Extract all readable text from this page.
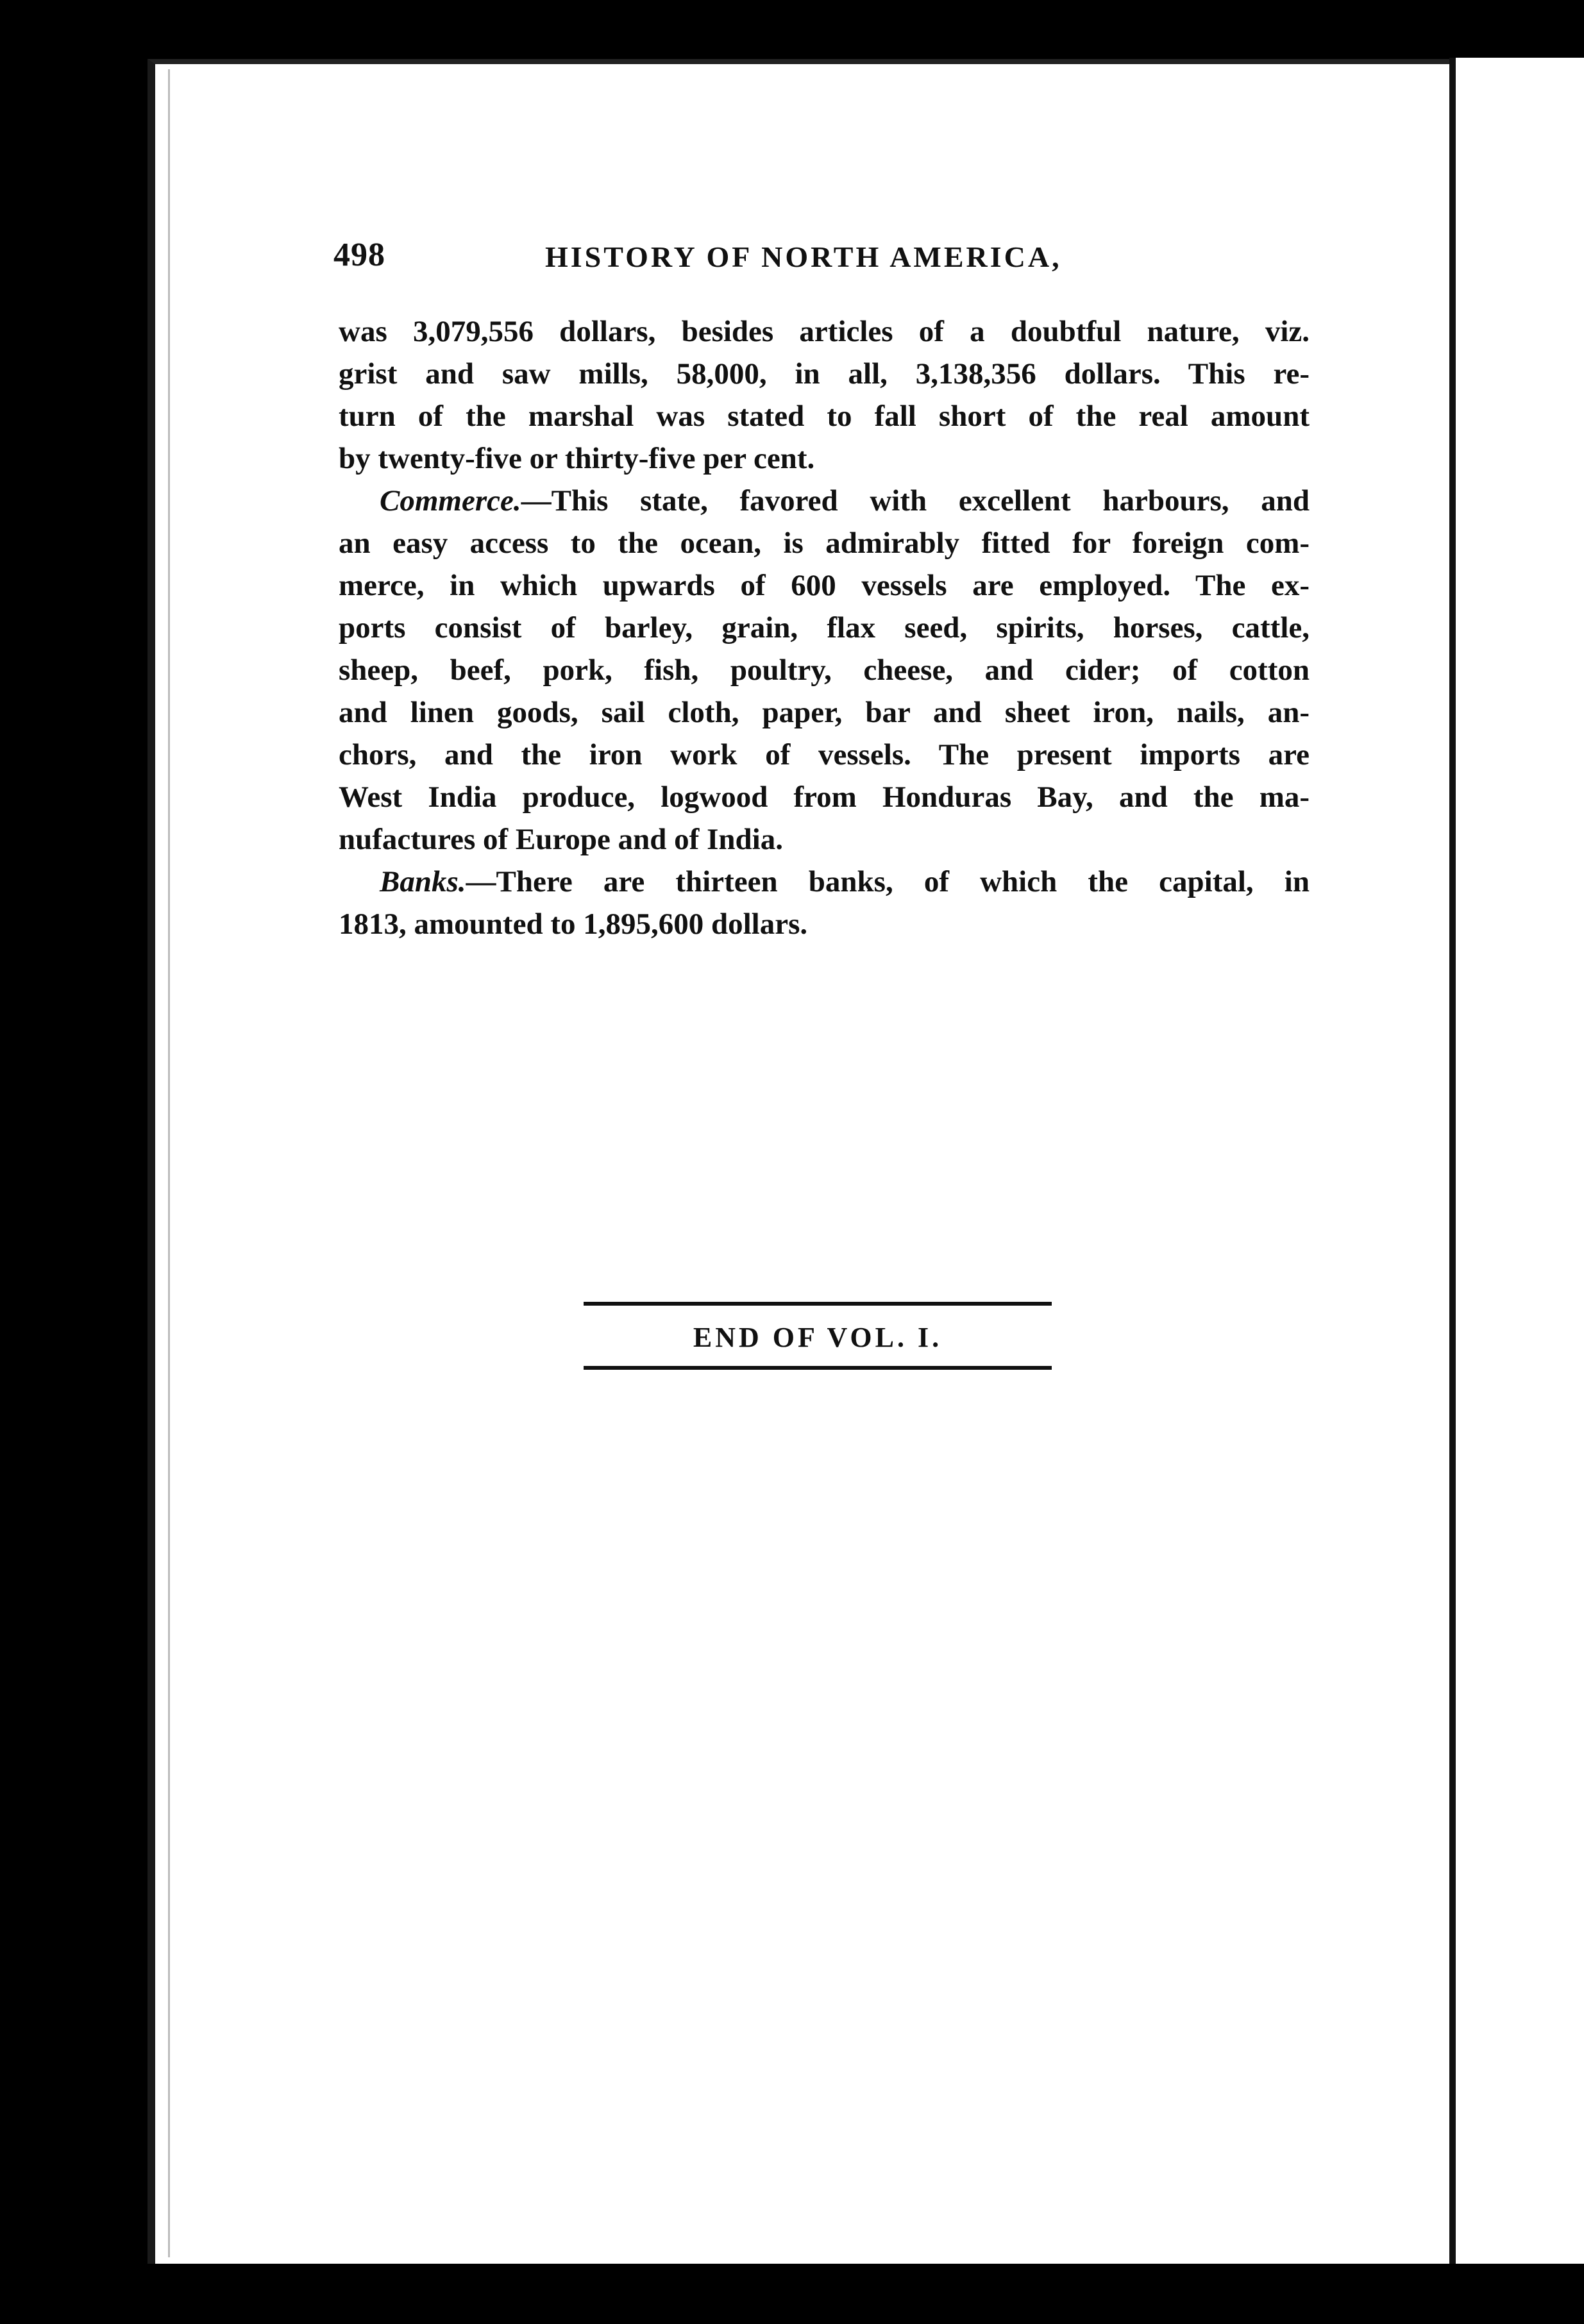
498	HISTORY OF NORTH AMERICA,

was 3,079,556 dollars, besides articles of a doubtful nature, viz.
grist and saw mills, 58,000, in all, 3,138,356 dollars. This re-
turn of the marshal was stated to fall short of the real amount
by twenty-five or thirty-five per cent.

Commerce.—This state, favored with excellent harbours, and
an easy access to the ocean, is admirably fitted for foreign com-
merce, in which upwards of 600 vessels are employed. The ex-
ports consist of barley, grain, flax seed, spirits, horses, cattle,
sheep, beef, pork, fish, poultry, cheese, and cider; of cotton
and linen goods, sail cloth, paper, bar and sheet iron, nails, an-
chors, and the iron work of vessels. The present imports are
West India produce, logwood from Honduras Bay, and the ma-
nufactures of Europe and of India.

Banks.—There are thirteen banks, of which the capital, in
1813, amounted to 1,895,600 dollars.

END OF VOL. I.
